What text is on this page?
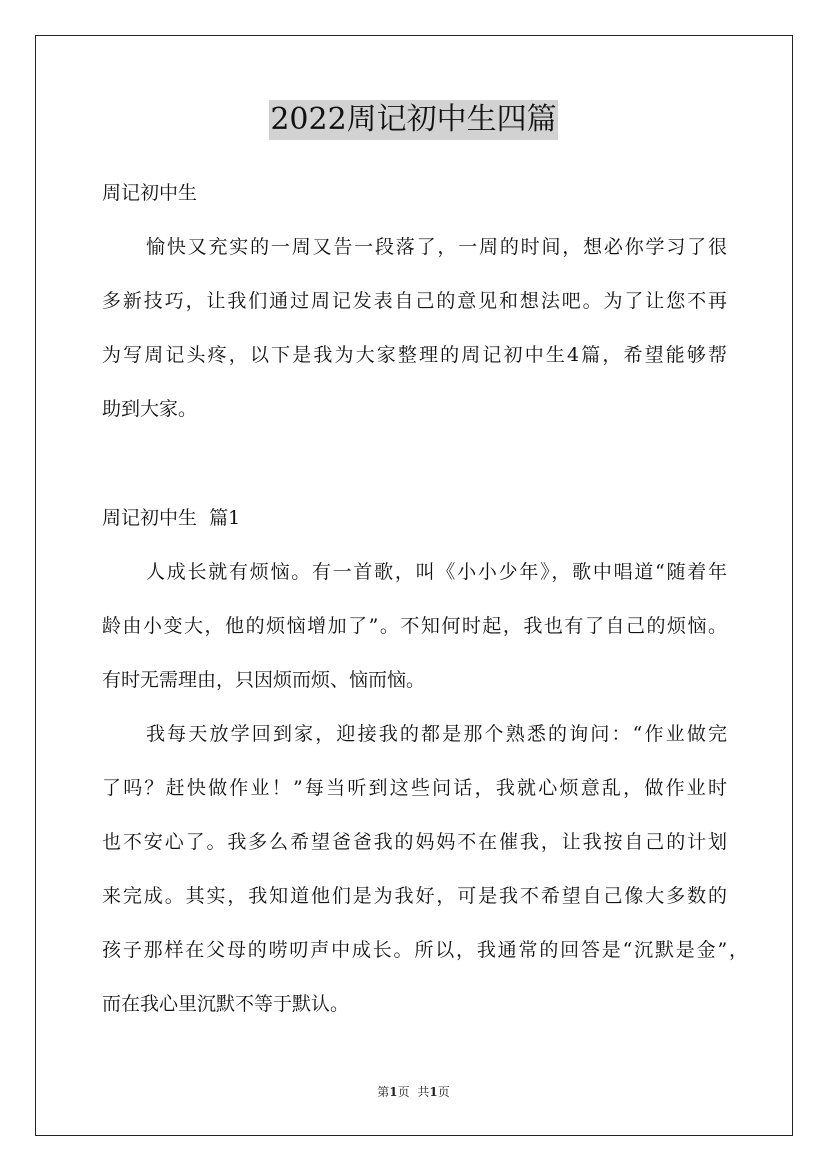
2022周记初中生四篇
周记初中生
愉快又充实的一周又告一段落了，一周的时间，想必你学习了很
多新技巧，让我们通过周记发表自己的意见和想法吧。为了让您不再
为写周记头疼，以下是我为大家整理的周记初中生4篇，希望能够帮
助到大家。
周记初中生  篇1
人成长就有烦恼。有一首歌，叫《小小少年》，歌中唱道“随着年
龄由小变大，他的烦恼增加了”。不知何时起，我也有了自己的烦恼。
有时无需理由，只因烦而烦、恼而恼。
我每天放学回到家，迎接我的都是那个熟悉的询问：“作业做完
了吗？赶快做作业！”每当听到这些问话，我就心烦意乱，做作业时
也不安心了。我多么希望爸爸我的妈妈不在催我，让我按自己的计划
来完成。其实，我知道他们是为我好，可是我不希望自己像大多数的
孩子那样在父母的唠叨声中成长。所以，我通常的回答是“沉默是金”，
而在我心里沉默不等于默认。
第1页 共1页
